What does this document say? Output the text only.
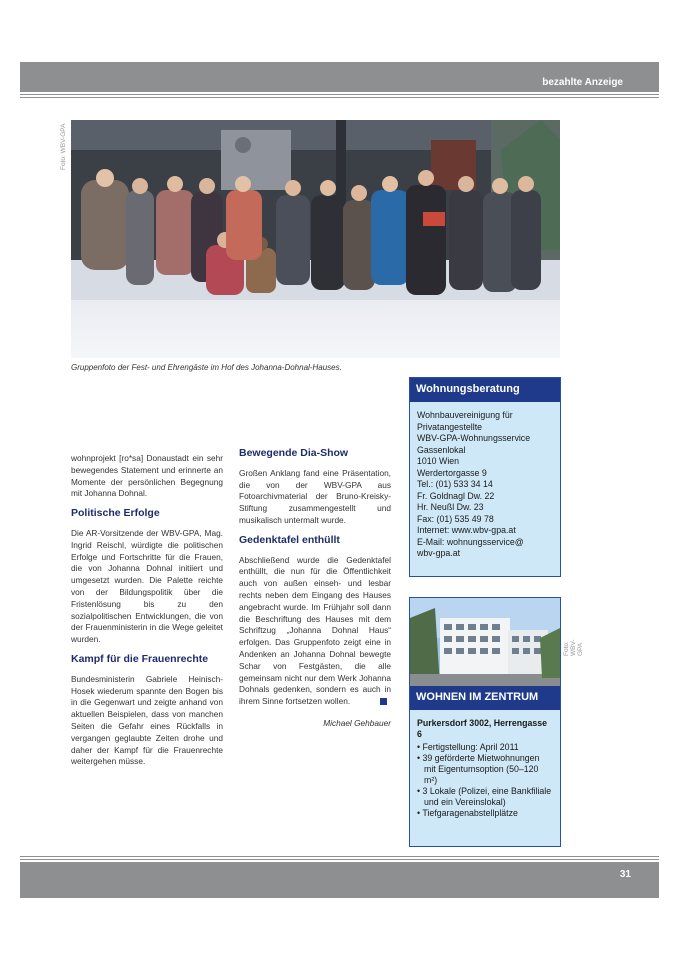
bezahlte Anzeige
Foto: WBV-GPA
Gruppenfoto der Fest- und Ehrengäste im Hof des Johanna-Dohnal-Hauses.

wohnprojekt [ro*sa] Donaustadt ein sehr bewegendes Statement und erinnerte an Momente der persönlichen Begegnung mit Johanna Dohnal.

Politische Erfolge

Die AR-Vorsitzende der WBV-GPA, Mag. Ingrid Reischl, würdigte die politischen Erfolge und Fortschritte für die Frauen, die von Johanna Dohnal initiiert und umgesetzt wurden. Die Palette reichte von der Bildungspolitik über die Fristenlösung bis zu den sozialpolitischen Entwicklungen, die von der Frauenministerin in die Wege geleitet wurden.

Kampf für die Frauenrechte

Bundesministerin Gabriele Heinisch-Hosek wiederum spannte den Bogen bis in die Gegenwart und zeigte anhand von aktuellen Beispielen, dass von manchen Seiten die Gefahr eines Rückfalls in vergangen geglaubte Zeiten drohe und daher der Kampf für die Frauenrechte weitergehen müsse.

Bewegende Dia-Show

Großen Anklang fand eine Präsentation, die von der WBV-GPA aus Fotoarchivmaterial der Bruno-Kreisky-Stiftung zusammengestellt und musikalisch untermalt wurde.

Gedenktafel enthüllt

Abschließend wurde die Gedenktafel enthüllt, die nun für die Öffentlichkeit auch von außen einseh- und lesbar rechts neben dem Eingang des Hauses angebracht wurde. Im Frühjahr soll dann die Beschriftung des Hauses mit dem Schriftzug „Johanna Dohnal Haus“ erfolgen. Das Gruppenfoto zeigt eine in Andenken an Johanna Dohnal bewegte Schar von Festgästen, die alle gemeinsam nicht nur dem Werk Johanna Dohnals gedenken, sondern es auch in ihrem Sinne fortsetzen wollen.

Michael Gehbauer

Wohnungsberatung
Wohnbauvereinigung für
Privatangestellte
WBV-GPA-Wohnungsservice
Gassenlokal
1010 Wien
Werdertorgasse 9
Tel.: (01) 533 34 14
Fr. Goldnagl Dw. 22
Hr. Neußl Dw. 23
Fax: (01) 535 49 78
Internet: www.wbv-gpa.at
E-Mail: wohnungsservice@
wbv-gpa.at
Foto: WBV-GPA
WOHNEN IM ZENTRUM
Purkersdorf 3002, Herrengasse 6
• Fertigstellung: April 2011
• 39 geförderte Mietwohnungen mit Eigentumsoption (50–120 m²)
• 3 Lokale (Polizei, eine Bankfiliale und ein Vereinslokal)
• Tiefgaragenabstellplätze
31
